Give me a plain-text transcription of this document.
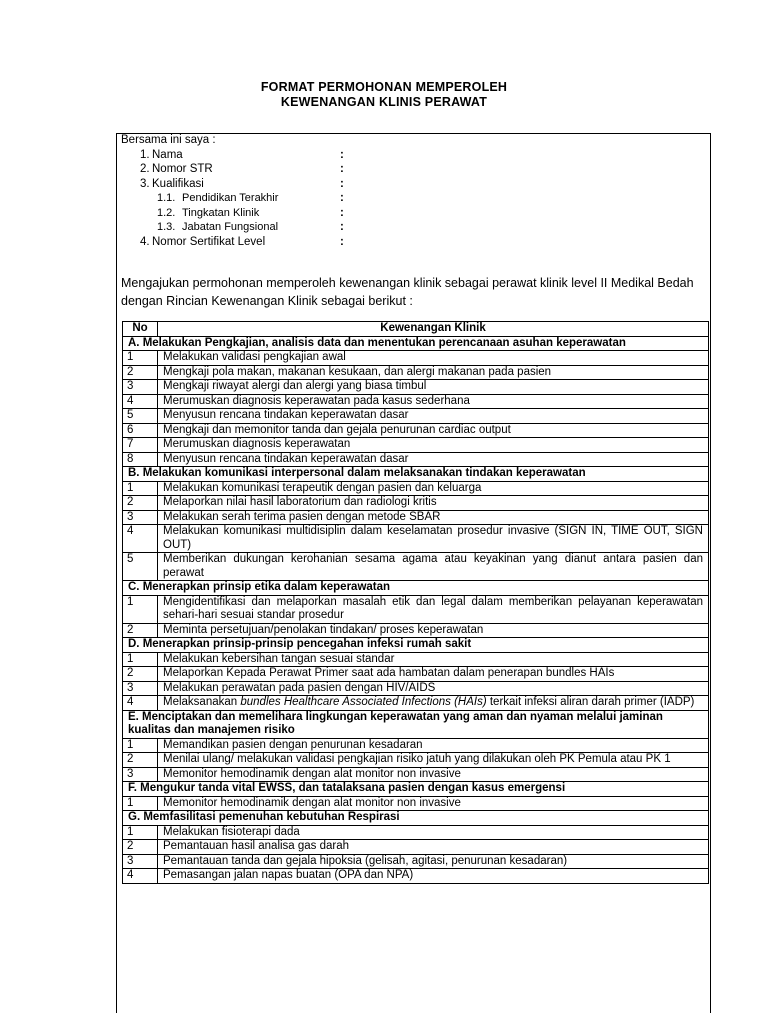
FORMAT PERMOHONAN MEMPEROLEH
KEWENANGAN KLINIS PERAWAT
Bersama ini saya :
1. Nama	:
2. Nomor STR	:
3. Kualifikasi	:
1.1. Pendidikan Terakhir	:
1.2. Tingkatan Klinik	:
1.3. Jabatan Fungsional	:
4. Nomor Sertifikat Level	:
Mengajukan permohonan memperoleh kewenangan klinik sebagai perawat klinik level II Medikal Bedah dengan Rincian Kewenangan Klinik sebagai berikut :
No	Kewenangan Klinik
A. Melakukan Pengkajian, analisis data dan menentukan perencanaan asuhan keperawatan	
1	Melakukan validasi pengkajian awal
2	Mengkaji pola makan, makanan kesukaan, dan alergi makanan pada pasien
3	Mengkaji riwayat alergi dan alergi yang biasa timbul
4	Merumuskan diagnosis keperawatan pada kasus sederhana
5	Menyusun rencana tindakan keperawatan dasar
6	Mengkaji dan memonitor tanda dan gejala penurunan cardiac output
7	Merumuskan diagnosis keperawatan
8	Menyusun rencana tindakan keperawatan dasar
B. Melakukan komunikasi interpersonal dalam melaksanakan tindakan keperawatan	
1	Melakukan komunikasi terapeutik dengan pasien dan keluarga
2	Melaporkan nilai hasil laboratorium dan radiologi kritis
3	Melakukan serah terima pasien dengan metode SBAR
4	Melakukan komunikasi multidisiplin dalam keselamatan prosedur invasive (SIGN IN, TIME OUT, SIGN OUT)
5	Memberikan dukungan kerohanian sesama agama atau keyakinan yang dianut antara pasien dan perawat
C. Menerapkan prinsip etika dalam keperawatan	
1	Mengidentifikasi dan melaporkan masalah etik dan legal dalam memberikan pelayanan keperawatan sehari-hari sesuai standar prosedur
2	Meminta persetujuan/penolakan tindakan/ proses keperawatan
D. Menerapkan prinsip-prinsip pencegahan infeksi rumah sakit	
1	Melakukan kebersihan tangan sesuai standar
2	Melaporkan Kepada Perawat Primer saat ada hambatan dalam penerapan bundles HAIs
3	Melakukan perawatan pada pasien dengan HIV/AIDS
4	Melaksanakan bundles Healthcare Associated Infections (HAIs) terkait infeksi aliran darah primer (IADP)
E. Menciptakan dan memelihara lingkungan keperawatan yang aman dan nyaman melalui jaminan kualitas dan manajemen risiko	
1	Memandikan pasien dengan penurunan kesadaran
2	Menilai ulang/ melakukan validasi pengkajian risiko jatuh yang dilakukan oleh PK Pemula atau PK 1
3	Memonitor hemodinamik dengan alat monitor non invasive
F. Mengukur tanda vital EWSS, dan tatalaksana pasien dengan kasus emergensi	
1	Memonitor hemodinamik dengan alat monitor non invasive
G. Memfasilitasi pemenuhan kebutuhan Respirasi	
1	Melakukan fisioterapi dada
2	Pemantauan hasil analisa gas darah
3	Pemantauan tanda dan gejala hipoksia (gelisah, agitasi, penurunan kesadaran)
4	Pemasangan jalan napas buatan (OPA dan NPA)
